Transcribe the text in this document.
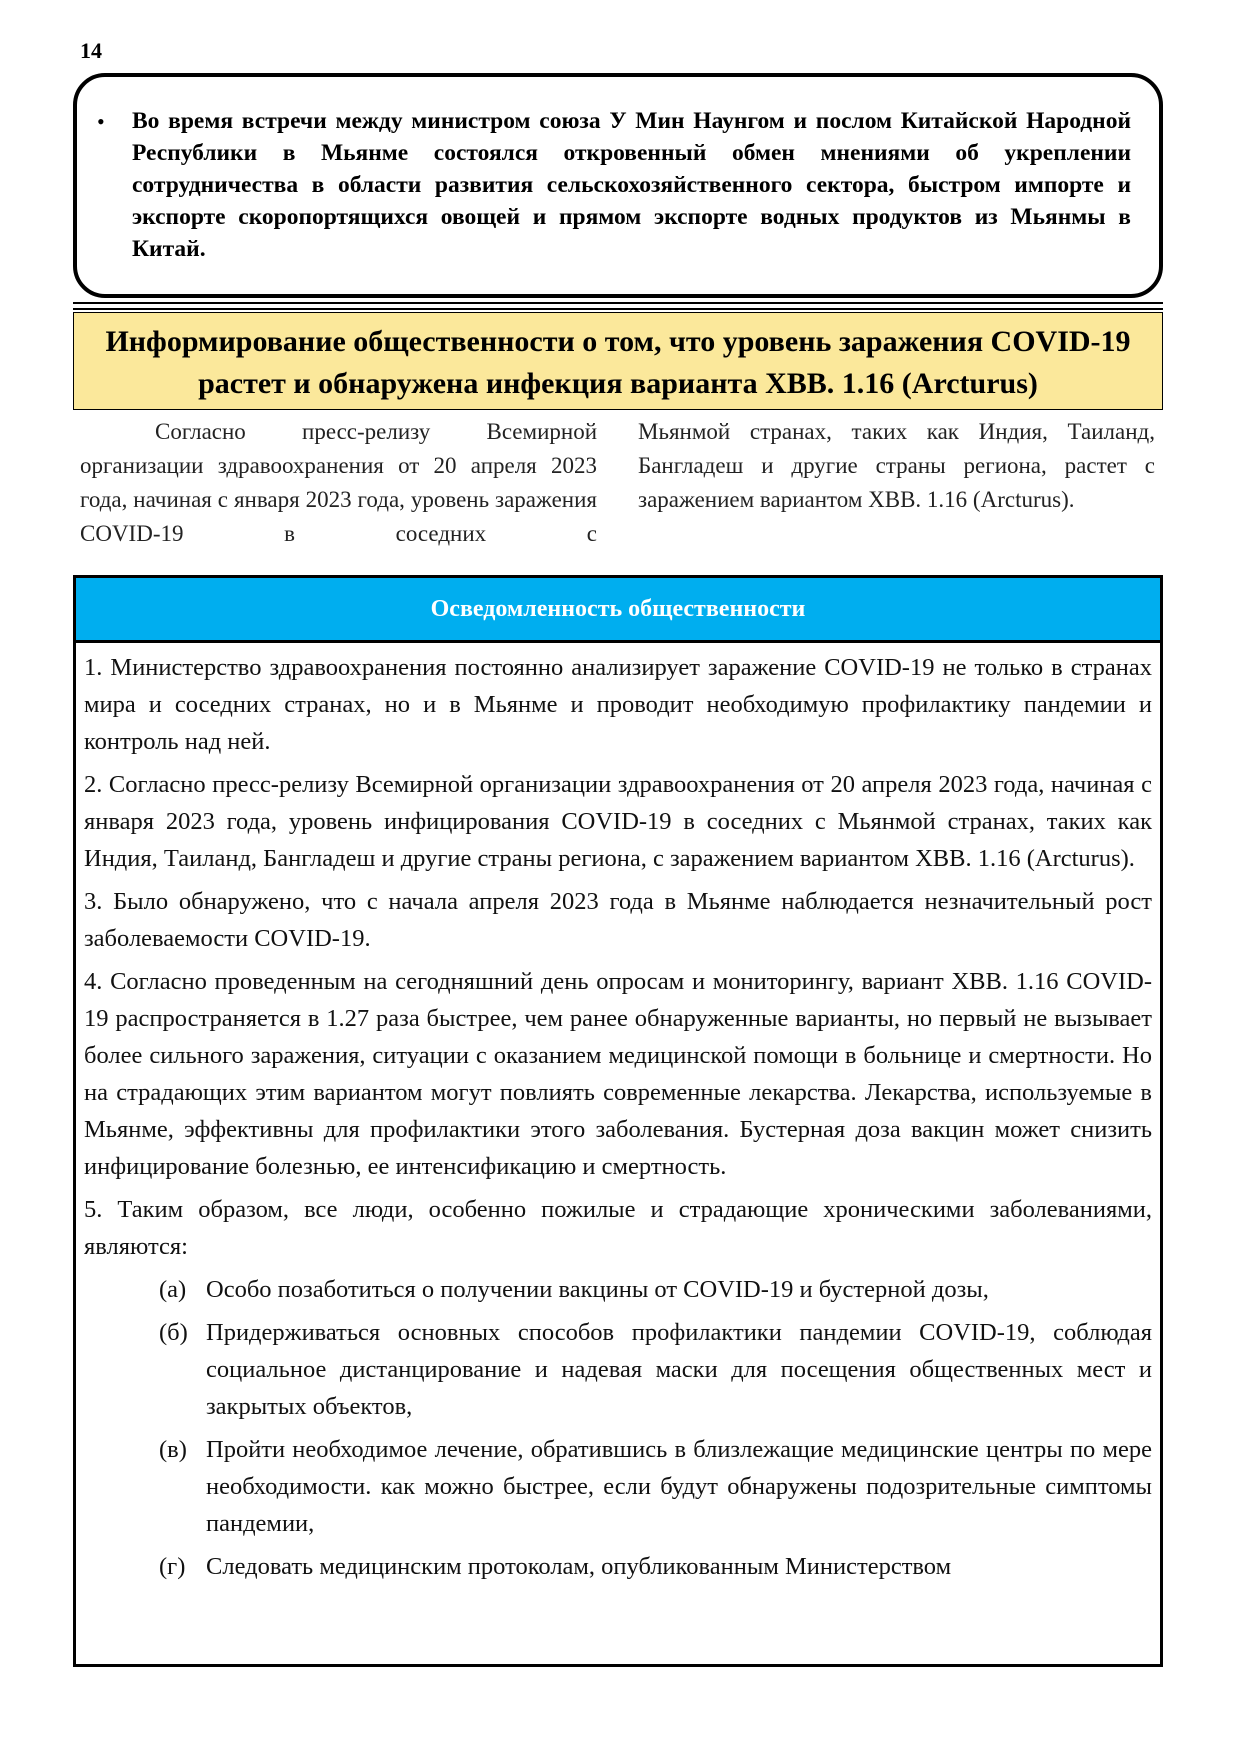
14
• Во время встречи между министром союза У Мин Наунгом и послом Китайской Народной Республики в Мьянме состоялся откровенный обмен мнениями об укреплении сотрудничества в области развития сельскохозяйственного сектора, быстром импорте и экспорте скоропортящихся овощей и прямом экспорте водных продуктов из Мьянмы в Китай.

Информирование общественности о том, что уровень заражения COVID-19
растет и обнаружена инфекция варианта XBB. 1.16 (Arcturus)

Согласно пресс-релизу Всемирной организации здравоохранения от 20 апреля 2023 года, начиная с января 2023 года, уровень заражения COVID-19 в соседних с

Мьянмой странах, таких как Индия, Таиланд, Бангладеш и другие страны региона, растет с заражением вариантом XBB. 1.16 (Arcturus).

Осведомленность общественности

1. Министерство здравоохранения постоянно анализирует заражение COVID-19 не только в странах мира и соседних странах, но и в Мьянме и проводит необходимую профилактику пандемии и контроль над ней.

2. Согласно пресс-релизу Всемирной организации здравоохранения от 20 апреля 2023 года, начиная с января 2023 года, уровень инфицирования COVID-19 в соседних с Мьянмой странах, таких как Индия, Таиланд, Бангладеш и другие страны региона, с заражением вариантом XBB. 1.16 (Arcturus).

3. Было обнаружено, что с начала апреля 2023 года в Мьянме наблюдается незначительный рост заболеваемости COVID-19.

4. Согласно проведенным на сегодняшний день опросам и мониторингу, вариант XBB. 1.16 COVID-19 распространяется в 1.27 раза быстрее, чем ранее обнаруженные варианты, но первый не вызывает более сильного заражения, ситуации с оказанием медицинской помощи в больнице и смертности. Но на страдающих этим вариантом могут повлиять современные лекарства. Лекарства, используемые в Мьянме, эффективны для профилактики этого заболевания. Бустерная доза вакцин может снизить инфицирование болезнью, ее интенсификацию и смертность.

5. Таким образом, все люди, особенно пожилые и страдающие хроническими заболеваниями, являются:

(а) Особо позаботиться о получении вакцины от COVID-19 и бустерной дозы,
(б) Придерживаться основных способов профилактики пандемии COVID-19, соблюдая социальное дистанцирование и надевая маски для посещения общественных мест и закрытых объектов,
(в) Пройти необходимое лечение, обратившись в близлежащие медицинские центры по мере необходимости. как можно быстрее, если будут обнаружены подозрительные симптомы пандемии,
(г) Следовать медицинским протоколам, опубликованным Министерством
